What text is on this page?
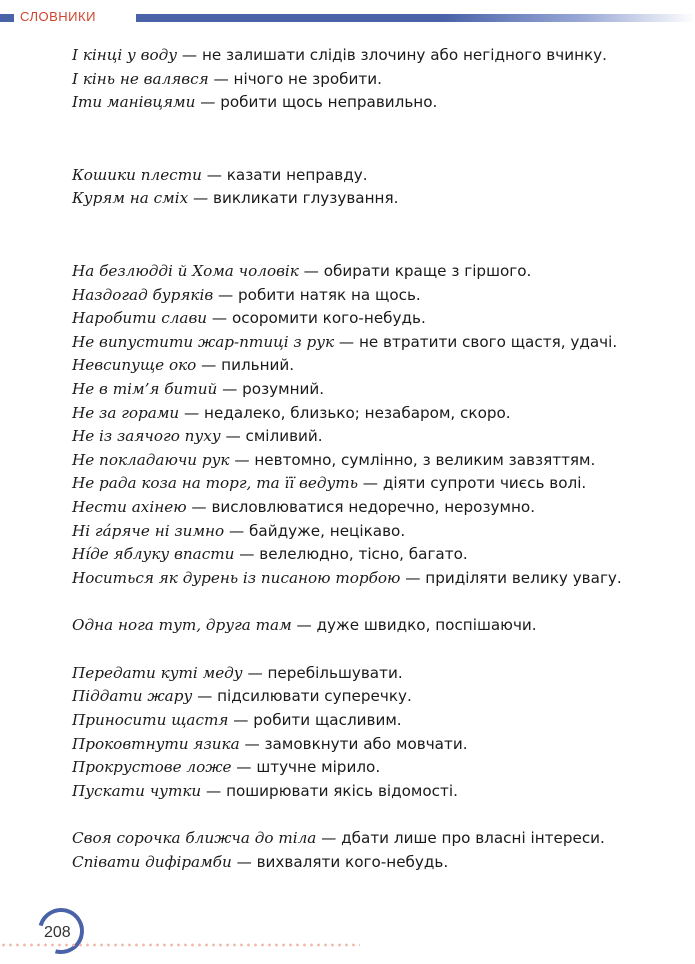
СЛОВНИКИ
І кінці у воду — не залишати слідів злочину або негідного вчинку.
І кінь не валявся — нічого не зробити.
Іти манівцями — робити щось неправильно.
Кошики плести — казати неправду.
Курям на сміх — викликати глузування.
На безлюдді й Хома чоловік — обирати краще з гіршого.
Наздогад буряків — робити натяк на щось.
Наробити слави — осоромити кого-небудь.
Не випустити жар-птиці з рук — не втратити свого щастя, удачі.
Невсипуще око — пильний.
Не в тім’я битий — розумний.
Не за горами — недалеко, близько; незабаром, скоро.
Не із заячого пуху — сміливий.
Не покладаючи рук — невтомно, сумлінно, з великим завзяттям.
Не рада коза на торг, та її ведуть — діяти супроти чиєсь волі.
Нести ахінею — висловлюватися недоречно, нерозумно.
Ні га́ряче ні зимно — байдуже, нецікаво.
Ні́де яблуку впасти — велелюдно, тісно, багато.
Носиться як дурень із писаною торбою — приділяти велику увагу.
Одна нога тут, друга там — дуже швидко, поспішаючи.
Передати куті меду — перебільшувати.
Піддати жару — підсилювати суперечку.
Приносити щастя — робити щасливим.
Проковтнути язика — замовкнути або мовчати.
Прокрустове ложе — штучне мірило.
Пускати чутки — поширювати якісь відомості.
Своя сорочка ближча до тіла — дбати лише про власні інтереси.
Співати дифірамби — вихваляти кого-небудь.
208
